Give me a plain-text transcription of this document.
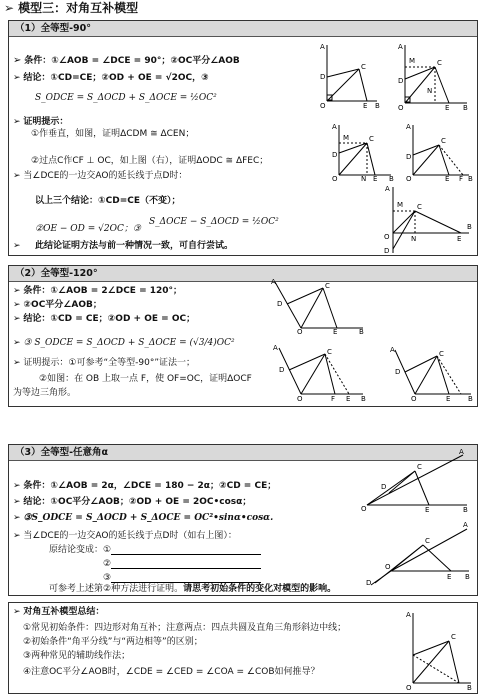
➢ 模型三：对角互补模型
（1）全等型-90°
➢ 条件：①∠AOB = ∠DCE = 90°；②OC平分∠AOB
➢ 结论：①CD=CE；②OD + OE = √2OC，③
S_ODCE = S_ΔOCD + S_ΔOCE = ½OC²
➢ 证明提示：
①作垂直，如图，证明ΔCDM ≅ ΔCEN；
②过点C作CF ⊥ OC，如上图（右），证明ΔODC ≅ ΔFEC；
➢ 当∠DCE的一边交AO的延长线于点D时：
以上三个结论：①CD=CE（不变）；
②OE − OD = √2OC；③
S_ΔOCE − S_ΔOCD = ½OC²
此结论证明方法与前一种情况一致，可自行尝试。
➢
A
C
D
O	E B
A
M	C
D
N
O	E B
A
M	C
D
O	N E B
A
C
D
O	E F B
A
M C
O	N	E
B
D
（2）全等型-120°
➢ 条件：①∠AOB = 2∠DCE = 120°；
➢ ②OC平分∠AOB；
➢ 结论：①CD = CE；②OD + OE = OC；
➢ ③ S_ODCE = S_ΔOCD + S_ΔOCE = (√3/4)OC²
➢ 证明提示：①可参考“全等型-90°”证法一；
②如图：在 OB 上取一点 F，使 OF=OC，证明ΔOCF
为等边三角形。
A
D
C
O	E	B
A
D
C
O	F E B
A
D
C
O	E	B
（3）全等型-任意角α
➢ 条件：①∠AOB = 2α，∠DCE = 180 − 2α；②CD = CE；
➢ 结论：①OC平分∠AOB；②OD + OE = 2OC•cosα；
➢ ③S_ODCE = S_ΔOCD + S_ΔOCE = OC²•sinα•cosα.
➢ 当∠DCE的一边交AO的延长线于点D时（如右上图）：
原结论变成：①
②
③
可参考上述第②种方法进行证明。请思考初始条件的变化对模型的影响。
A
D
C
O	E	B
A
D
C
O
E B
➢ 对角互补模型总结：
①常见初始条件：四边形对角互补；注意两点：四点共圆及直角三角形斜边中线；
②初始条件“角平分线”与“两边相等”的区别；
③两种常见的辅助线作法；
④注意OC平分∠AOB时，∠CDE = ∠CED = ∠COA = ∠COB如何推导？
A
C
O	B
